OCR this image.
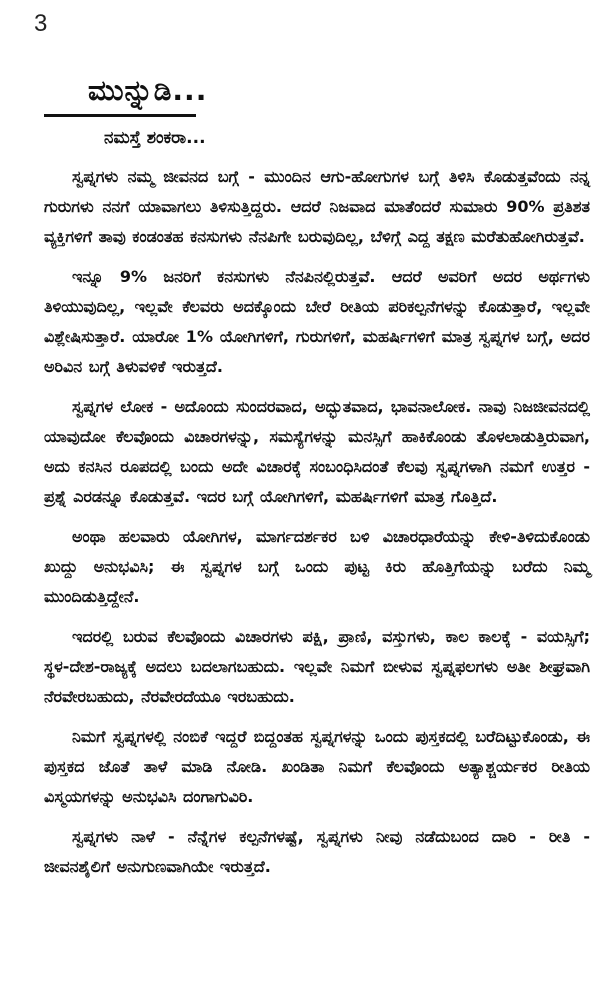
3
ಮುನ್ನುಡಿ...
ನಮಸ್ತೆ ಶಂಕರಾ...

ಸ್ವಪ್ನಗಳು ನಮ್ಮ ಜೀವನದ ಬಗ್ಗೆ - ಮುಂದಿನ ಆಗು-ಹೋಗುಗಳ ಬಗ್ಗೆ ತಿಳಿಸಿ ಕೊಡುತ್ತವೆಂದು ನನ್ನ ಗುರುಗಳು ನನಗೆ ಯಾವಾಗಲು ತಿಳಿಸುತ್ತಿದ್ದರು. ಆದರೆ ನಿಜವಾದ ಮಾತೆಂದರೆ ಸುಮಾರು 90% ಪ್ರತಿಶತ ವ್ಯಕ್ತಿಗಳಿಗೆ ತಾವು ಕಂಡಂತಹ ಕನಸುಗಳು ನೆನಪಿಗೇ ಬರುವುದಿಲ್ಲ, ಬೆಳಿಗ್ಗೆ ಎದ್ದ ತಕ್ಷಣ ಮರೆತುಹೋಗಿರುತ್ತವೆ.

ಇನ್ನೂ 9% ಜನರಿಗೆ ಕನಸುಗಳು ನೆನಪಿನಲ್ಲಿರುತ್ತವೆ. ಆದರೆ ಅವರಿಗೆ ಅದರ ಅರ್ಥಗಳು ತಿಳಿಯುವುದಿಲ್ಲ, ಇಲ್ಲವೇ ಕೆಲವರು ಅದಕ್ಕೊಂದು ಬೇರೆ ರೀತಿಯ ಪರಿಕಲ್ಪನೆಗಳನ್ನು ಕೊಡುತ್ತಾರೆ, ಇಲ್ಲವೇ ವಿಶ್ಲೇಷಿಸುತ್ತಾರೆ. ಯಾರೋ 1% ಯೋಗಿಗಳಿಗೆ, ಗುರುಗಳಿಗೆ, ಮಹರ್ಷಿಗಳಿಗೆ ಮಾತ್ರ ಸ್ವಪ್ನಗಳ ಬಗ್ಗೆ, ಅದರ ಅರಿವಿನ ಬಗ್ಗೆ ತಿಳುವಳಿಕೆ ಇರುತ್ತದೆ.

ಸ್ವಪ್ನಗಳ ಲೋಕ - ಅದೊಂದು ಸುಂದರವಾದ, ಅದ್ಭುತವಾದ, ಭಾವನಾಲೋಕ. ನಾವು ನಿಜಜೀವನದಲ್ಲಿ ಯಾವುದೋ ಕೆಲವೊಂದು ವಿಚಾರಗಳನ್ನು, ಸಮಸ್ಯೆಗಳನ್ನು ಮನಸ್ಸಿಗೆ ಹಾಕಿಕೊಂಡು ತೊಳಲಾಡುತ್ತಿರುವಾಗ, ಅದು ಕನಸಿನ ರೂಪದಲ್ಲಿ ಬಂದು ಅದೇ ವಿಚಾರಕ್ಕೆ ಸಂಬಂಧಿಸಿದಂತೆ ಕೆಲವು ಸ್ವಪ್ನಗಳಾಗಿ ನಮಗೆ ಉತ್ತರ - ಪ್ರಶ್ನೆ ಎರಡನ್ನೂ ಕೊಡುತ್ತವೆ. ಇದರ ಬಗ್ಗೆ ಯೋಗಿಗಳಿಗೆ, ಮಹರ್ಷಿಗಳಿಗೆ ಮಾತ್ರ ಗೊತ್ತಿದೆ.

ಅಂಥಾ ಹಲವಾರು ಯೋಗಿಗಳ, ಮಾರ್ಗದರ್ಶಕರ ಬಳಿ ವಿಚಾರಧಾರೆಯನ್ನು ಕೇಳಿ-ತಿಳಿದುಕೊಂಡು ಖುದ್ದು ಅನುಭವಿಸಿ; ಈ ಸ್ವಪ್ನಗಳ ಬಗ್ಗೆ ಒಂದು ಪುಟ್ಟ ಕಿರು ಹೊತ್ತಿಗೆಯನ್ನು ಬರೆದು ನಿಮ್ಮ ಮುಂದಿಡುತ್ತಿದ್ದೇನೆ.

ಇದರಲ್ಲಿ ಬರುವ ಕೆಲವೊಂದು ವಿಚಾರಗಳು ಪಕ್ಷಿ, ಪ್ರಾಣಿ, ವಸ್ತುಗಳು, ಕಾಲ ಕಾಲಕ್ಕೆ - ವಯಸ್ಸಿಗೆ; ಸ್ಥಳ-ದೇಶ-ರಾಜ್ಯಕ್ಕೆ ಅದಲು ಬದಲಾಗಬಹುದು. ಇಲ್ಲವೇ ನಿಮಗೆ ಬೀಳುವ ಸ್ವಪ್ನಫಲಗಳು ಅತೀ ಶೀಘ್ರವಾಗಿ ನೆರವೇರಬಹುದು, ನೆರವೇರದೆಯೂ ಇರಬಹುದು.

ನಿಮಗೆ ಸ್ವಪ್ನಗಳಲ್ಲಿ ನಂಬಿಕೆ ಇದ್ದರೆ ಬಿದ್ದಂತಹ ಸ್ವಪ್ನಗಳನ್ನು ಒಂದು ಪುಸ್ತಕದಲ್ಲಿ ಬರೆದಿಟ್ಟುಕೊಂಡು, ಈ ಪುಸ್ತಕದ ಜೊತೆ ತಾಳೆ ಮಾಡಿ ನೋಡಿ. ಖಂಡಿತಾ ನಿಮಗೆ ಕೆಲವೊಂದು ಅತ್ಯಾಶ್ಚರ್ಯಕರ ರೀತಿಯ ವಿಸ್ಮಯಗಳನ್ನು ಅನುಭವಿಸಿ ದಂಗಾಗುವಿರಿ.

ಸ್ವಪ್ನಗಳು ನಾಳೆ - ನೆನ್ನೆಗಳ ಕಲ್ಪನೆಗಳಷ್ಟೆ, ಸ್ವಪ್ನಗಳು ನೀವು ನಡೆದುಬಂದ ದಾರಿ - ರೀತಿ - ಜೀವನಶೈಲಿಗೆ ಅನುಗುಣವಾಗಿಯೇ ಇರುತ್ತದೆ.
